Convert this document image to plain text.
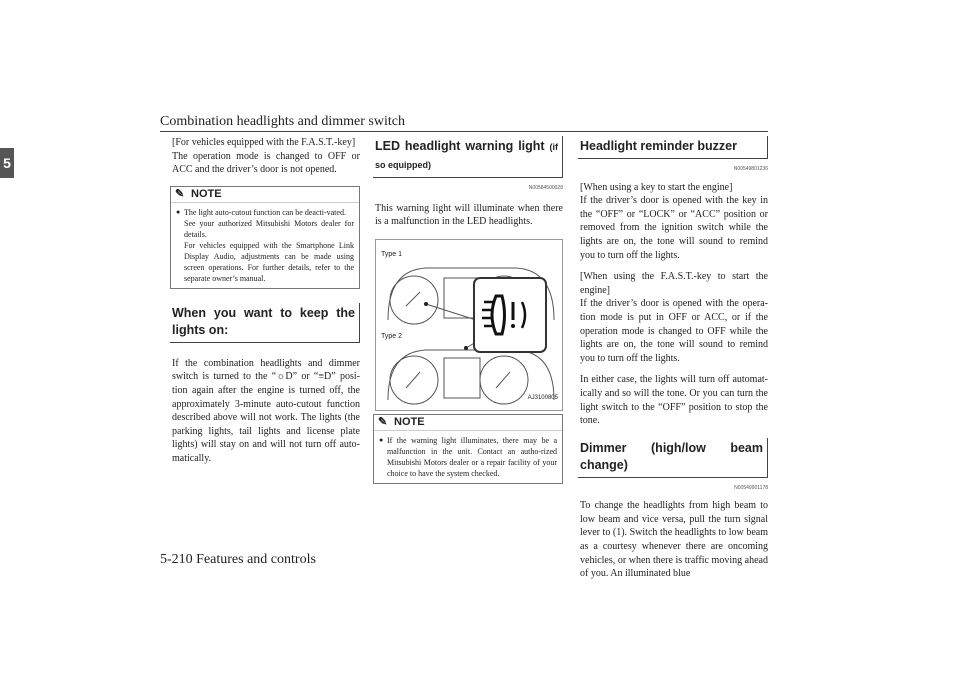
Combination headlights and dimmer switch
5

[For vehicles equipped with the F.A.S.T.-key]

The operation mode is changed to OFF or ACC and the driver’s door is not opened.

✎ NOTE
● The light auto-cutout function can be deacti-vated.
See your authorized Mitsubishi Motors dealer for details.
For vehicles equipped with the Smartphone Link Display Audio, adjustments can be made using screen operations. For further details, refer to the separate owner’s manual.
When you want to keep the lights on:

If the combination headlights and dimmer switch is turned to the “☼D” or “≡D” posi-tion again after the engine is turned off, the approximately 3-minute auto-cutout function described above will not work. The lights (the parking lights, tail lights and license plate lights) will stay on and will not turn off auto-matically.

LED headlight warning light (if so equipped)
N00584500028

This warning light will illuminate when there is a malfunction in the LED headlights.

Type 1
Type 2
AJ3100805
✎ NOTE
● If the warning light illuminates, there may be a malfunction in the unit. Contact an autho-rized Mitsubishi Motors dealer or a repair facility of your choice to have the system checked.
Headlight reminder buzzer
N00549801236

[When using a key to start the engine]

If the driver’s door is opened with the key in the “OFF” or “LOCK” or “ACC” position or removed from the ignition switch while the lights are on, the tone will sound to remind you to turn off the lights.

[When using the F.A.S.T.-key to start the engine]

If the driver’s door is opened with the opera-tion mode is put in OFF or ACC, or if the operation mode is changed to OFF while the lights are on, the tone will sound to remind you to turn off the lights.

In either case, the lights will turn off automat-ically and so will the tone. Or you can turn the light switch to the “OFF” position to stop the tone.

Dimmer (high/low beam change)
N00549901178

To change the headlights from high beam to low beam and vice versa, pull the turn signal lever to (1). Switch the headlights to low beam as a courtesy whenever there are oncoming vehicles, or when there is traffic moving ahead of you. An illuminated blue

5-210 Features and controls
